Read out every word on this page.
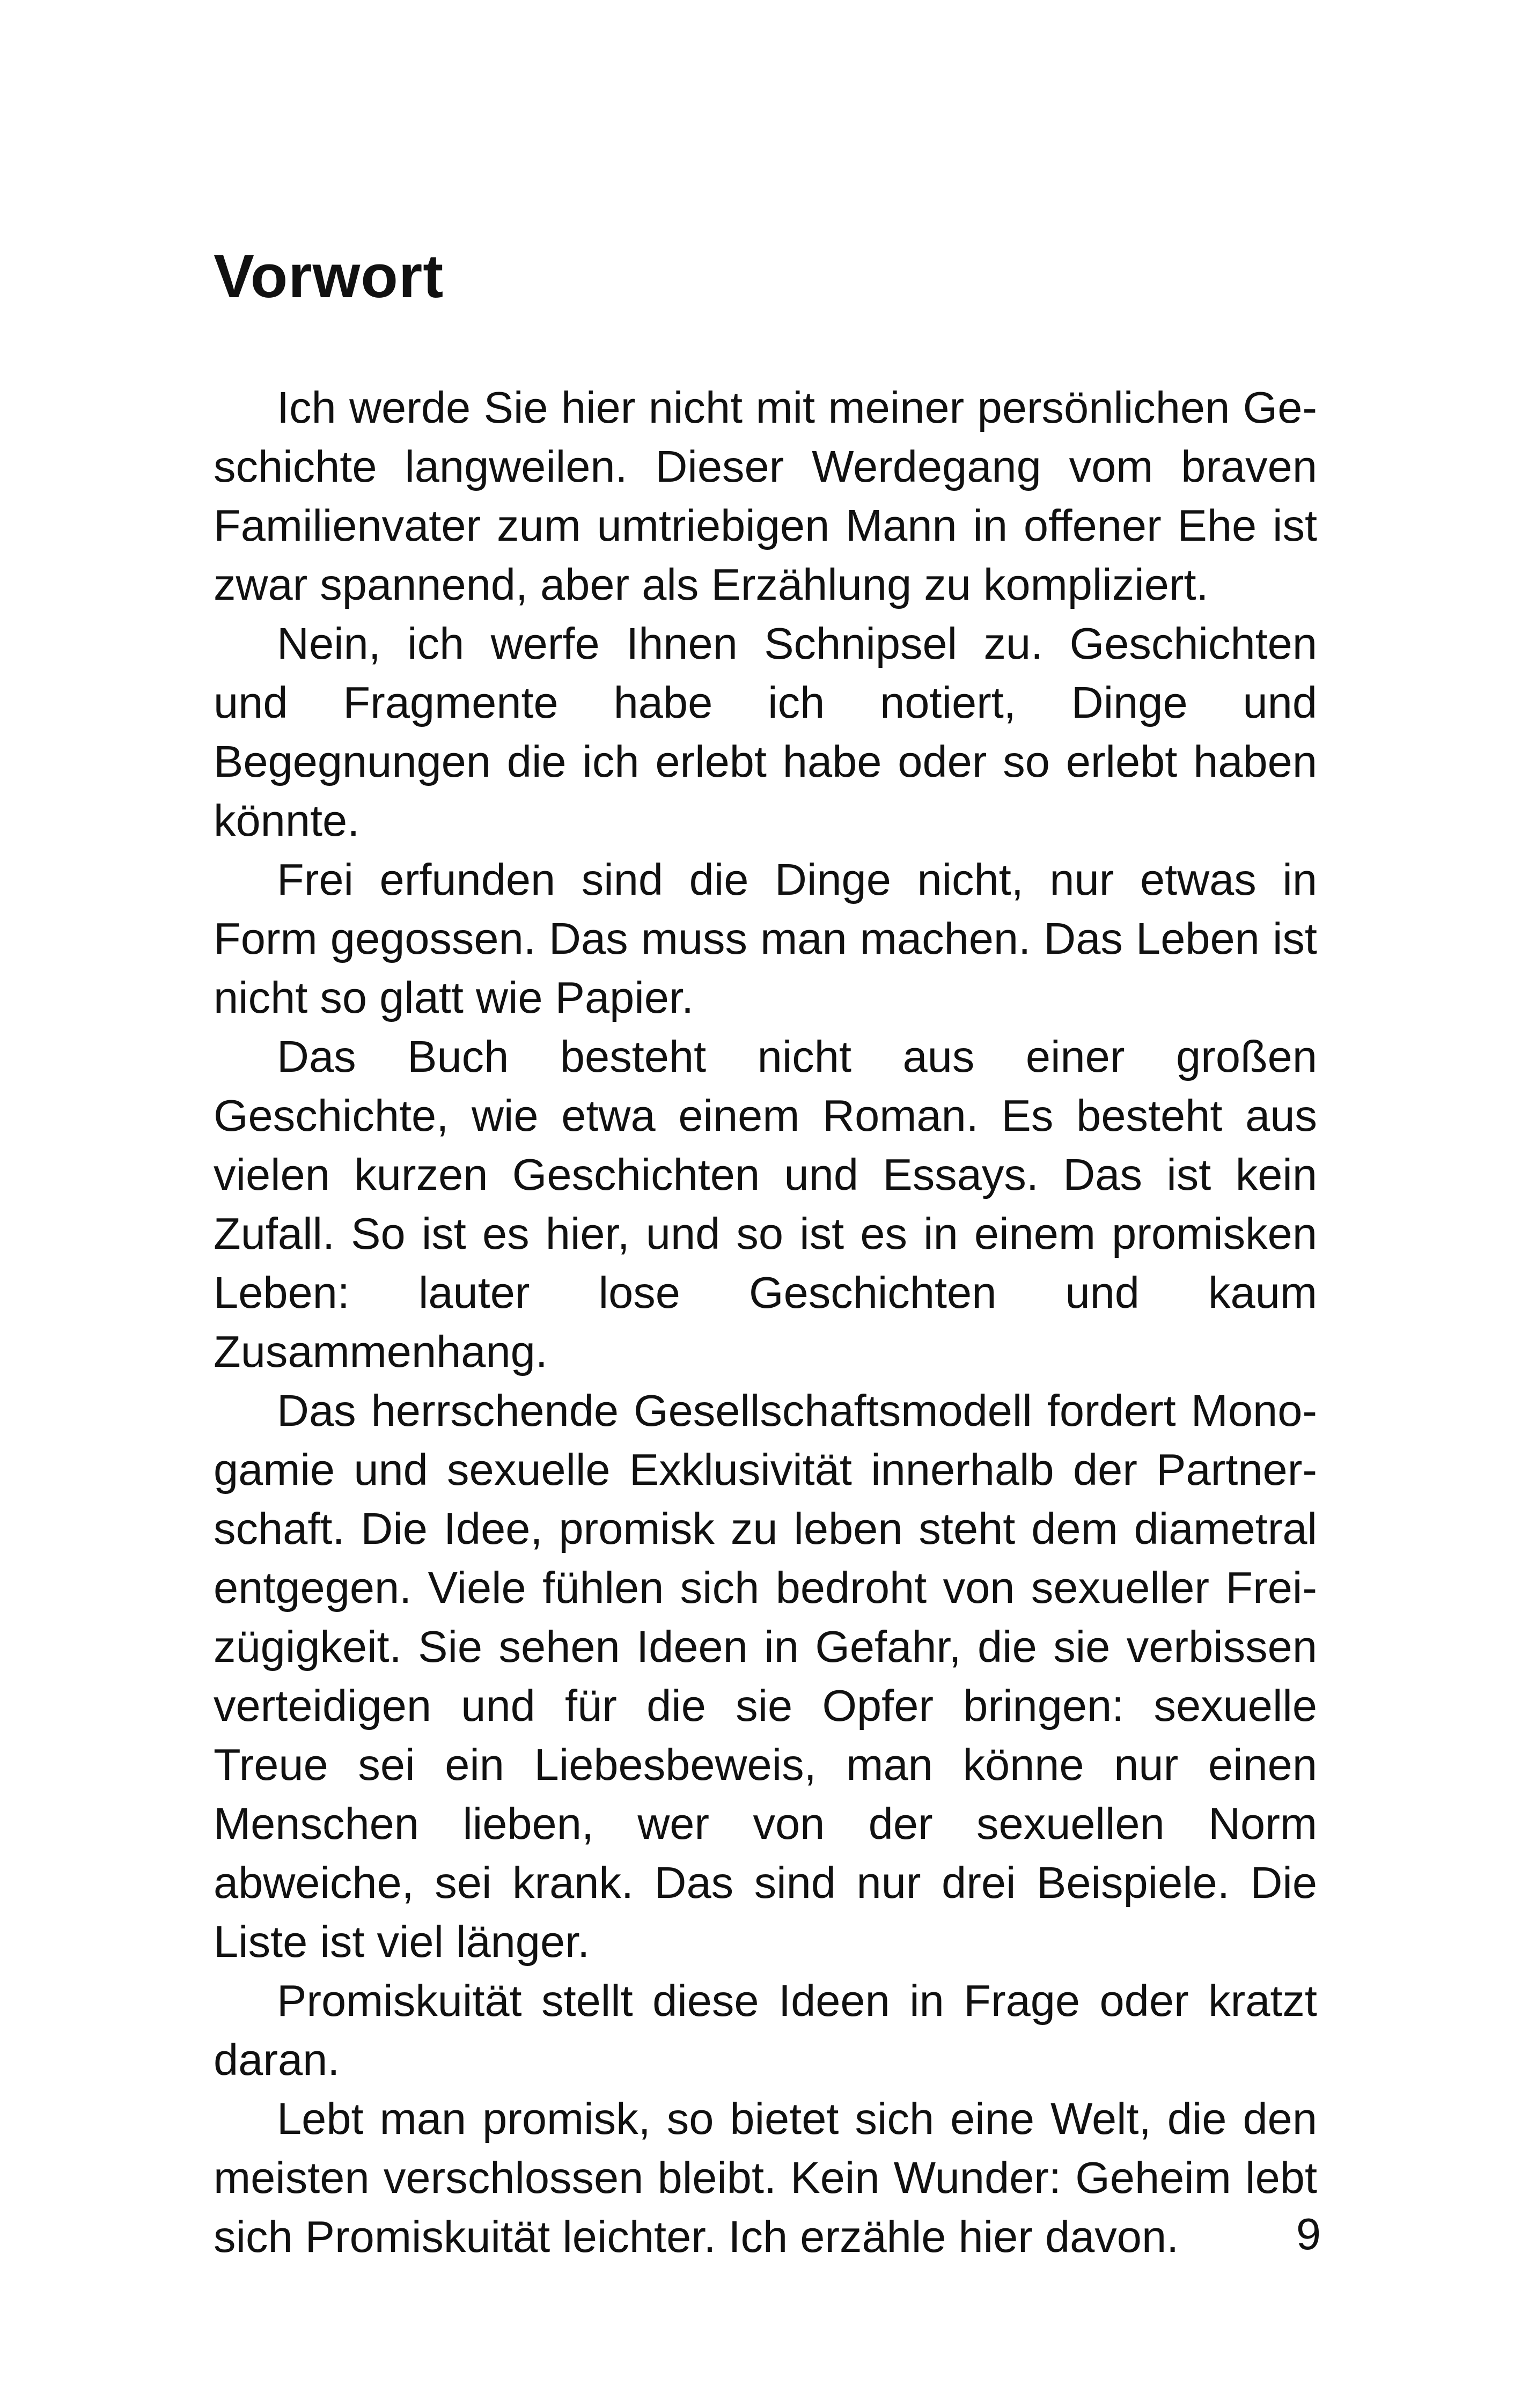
Vorwort

Ich werde Sie hier nicht mit meiner persönlichen Geschichte langweilen. Dieser Werdegang vom braven Familienvater zum umtriebigen Mann in offener Ehe ist zwar spannend, aber als Erzählung zu kompliziert.

Nein, ich werfe Ihnen Schnipsel zu. Geschichten und Fragmente habe ich notiert, Dinge und Begegnungen die ich erlebt habe oder so erlebt haben könnte.

Frei erfunden sind die Dinge nicht, nur etwas in Form gegossen. Das muss man machen. Das Leben ist nicht so glatt wie Papier.

Das Buch besteht nicht aus einer großen Geschichte, wie etwa einem Roman. Es besteht aus vielen kurzen Geschichten und Essays. Das ist kein Zufall. So ist es hier, und so ist es in einem promisken Leben: lauter lose Geschichten und kaum Zusammenhang.

Das herrschende Gesellschaftsmodell fordert Monogamie und sexuelle Exklusivität innerhalb der Partnerschaft. Die Idee, promisk zu leben steht dem diametral entgegen. Viele fühlen sich bedroht von sexueller Freizügigkeit. Sie sehen Ideen in Gefahr, die sie verbissen verteidigen und für die sie Opfer bringen: sexuelle Treue sei ein Liebesbeweis, man könne nur einen Menschen lieben, wer von der sexuellen Norm abweiche, sei krank. Das sind nur drei Beispiele. Die Liste ist viel länger.

Promiskuität stellt diese Ideen in Frage oder kratzt daran.

Lebt man promisk, so bietet sich eine Welt, die den meisten verschlossen bleibt. Kein Wunder: Geheim lebt sich Promiskuität leichter. Ich erzähle hier davon.	9
